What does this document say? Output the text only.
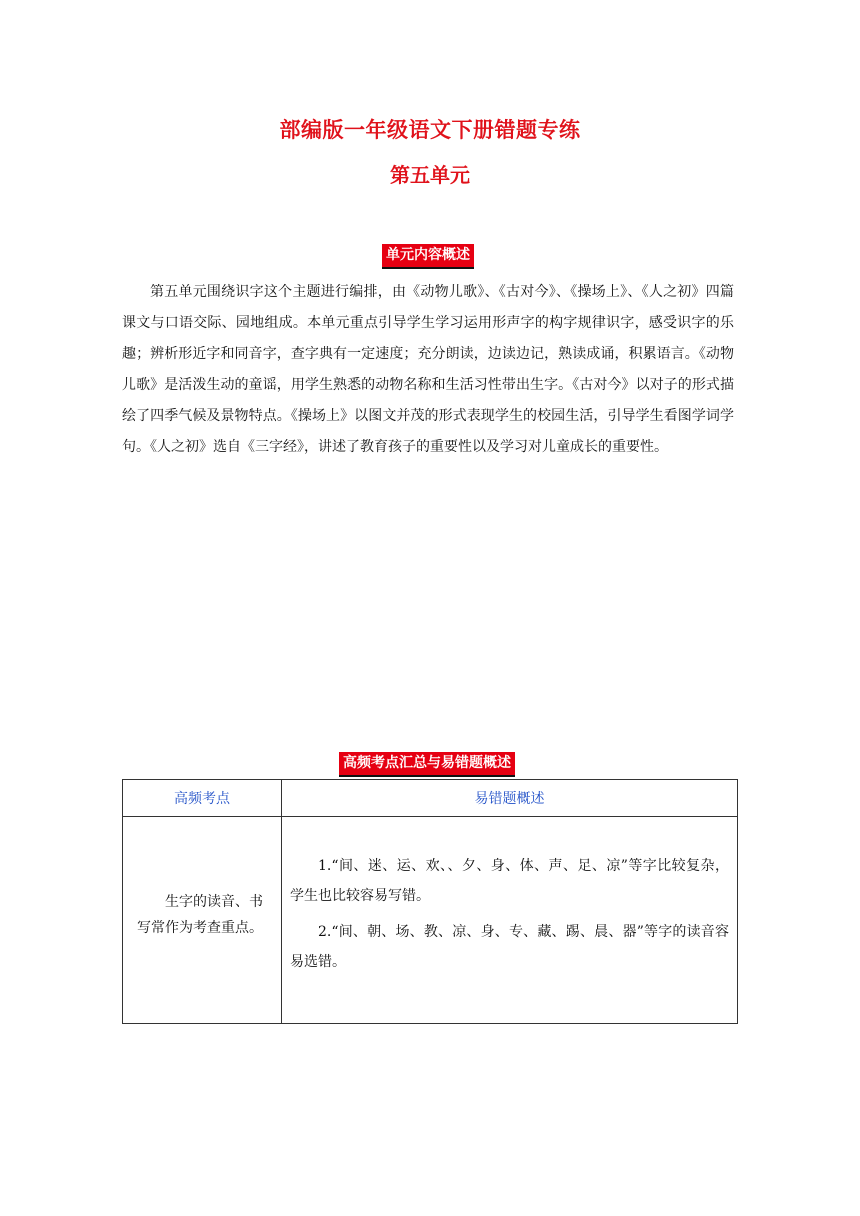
部编版一年级语文下册错题专练
第五单元
单元内容概述

第五单元围绕识字这个主题进行编排，由《动物儿歌》、《古对今》、《操场上》、《人之初》四篇课文与口语交际、园地组成。本单元重点引导学生学习运用形声字的构字规律识字，感受识字的乐趣；辨析形近字和同音字，查字典有一定速度；充分朗读，边读边记，熟读成诵，积累语言。《动物儿歌》是活泼生动的童谣，用学生熟悉的动物名称和生活习性带出生字。《古对今》以对子的形式描绘了四季气候及景物特点。《操场上》以图文并茂的形式表现学生的校园生活，引导学生看图学词学句。《人之初》选自《三字经》，讲述了教育孩子的重要性以及学习对儿童成长的重要性。

高频考点汇总与易错题概述
高频考点	易错题概述
生字的读音、书写常作为考查重点。	1.“间、迷、运、欢、、夕、身、体、声、足、凉”等字比较复杂，学生也比较容易写错。

2.“间、朝、场、教、凉、身、专、藏、踢、晨、器”等字的读音容易选错。
